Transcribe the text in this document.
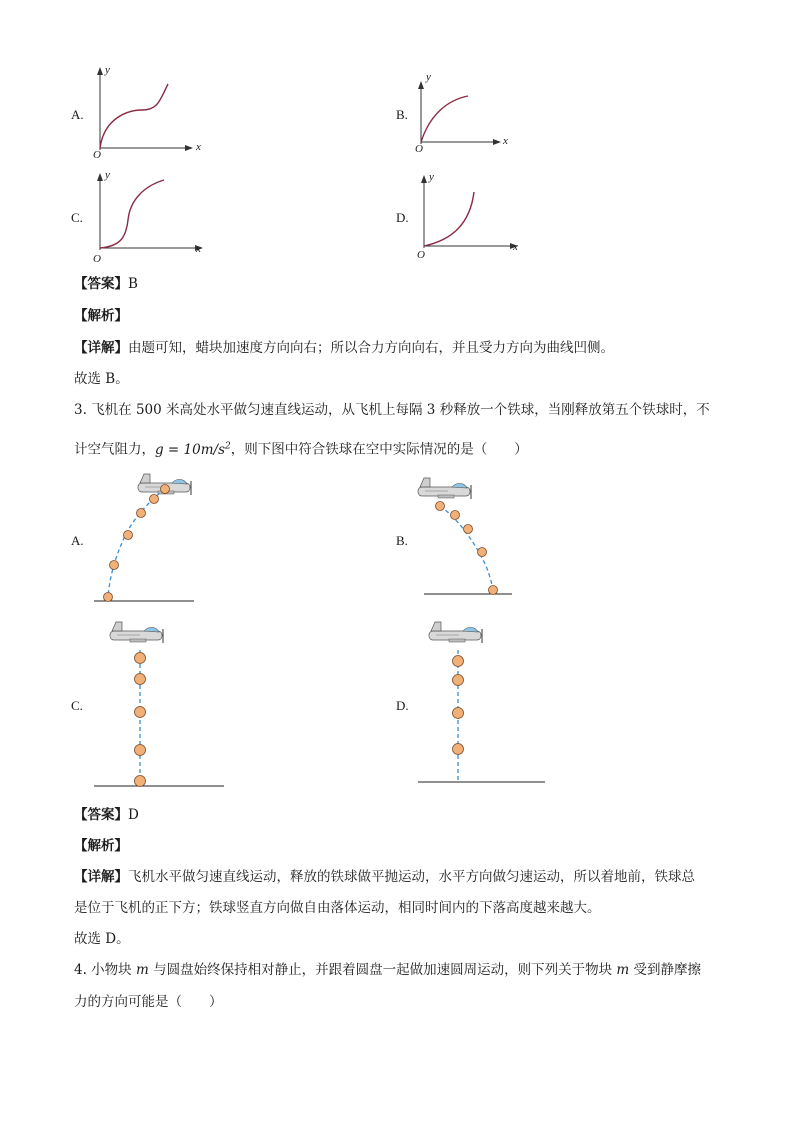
y
x
O
y
x
O
y
x
O
y
x
O
A.	B.
C.	D.
【答案】B
【解析】
【详解】由题可知，蜡块加速度方向向右；所以合力方向向右，并且受力方向为曲线凹侧。
故选 B。
3. 飞机在 500 米高处水平做匀速直线运动，从飞机上每隔 3 秒释放一个铁球，当刚释放第五个铁球时，不
计空气阻力，$g = 10m/s^2$，则下图中符合铁球在空中实际情况的是（　　）
A.	B.
C.	D.
【答案】D
【解析】
【详解】飞机水平做匀速直线运动，释放的铁球做平抛运动，水平方向做匀速运动，所以着地前，铁球总
是位于飞机的正下方；铁球竖直方向做自由落体运动，相同时间内的下落高度越来越大。
故选 D。
4. 小物块 m 与圆盘始终保持相对静止，并跟着圆盘一起做加速圆周运动，则下列关于物块 m 受到静摩擦
力的方向可能是（　　）
